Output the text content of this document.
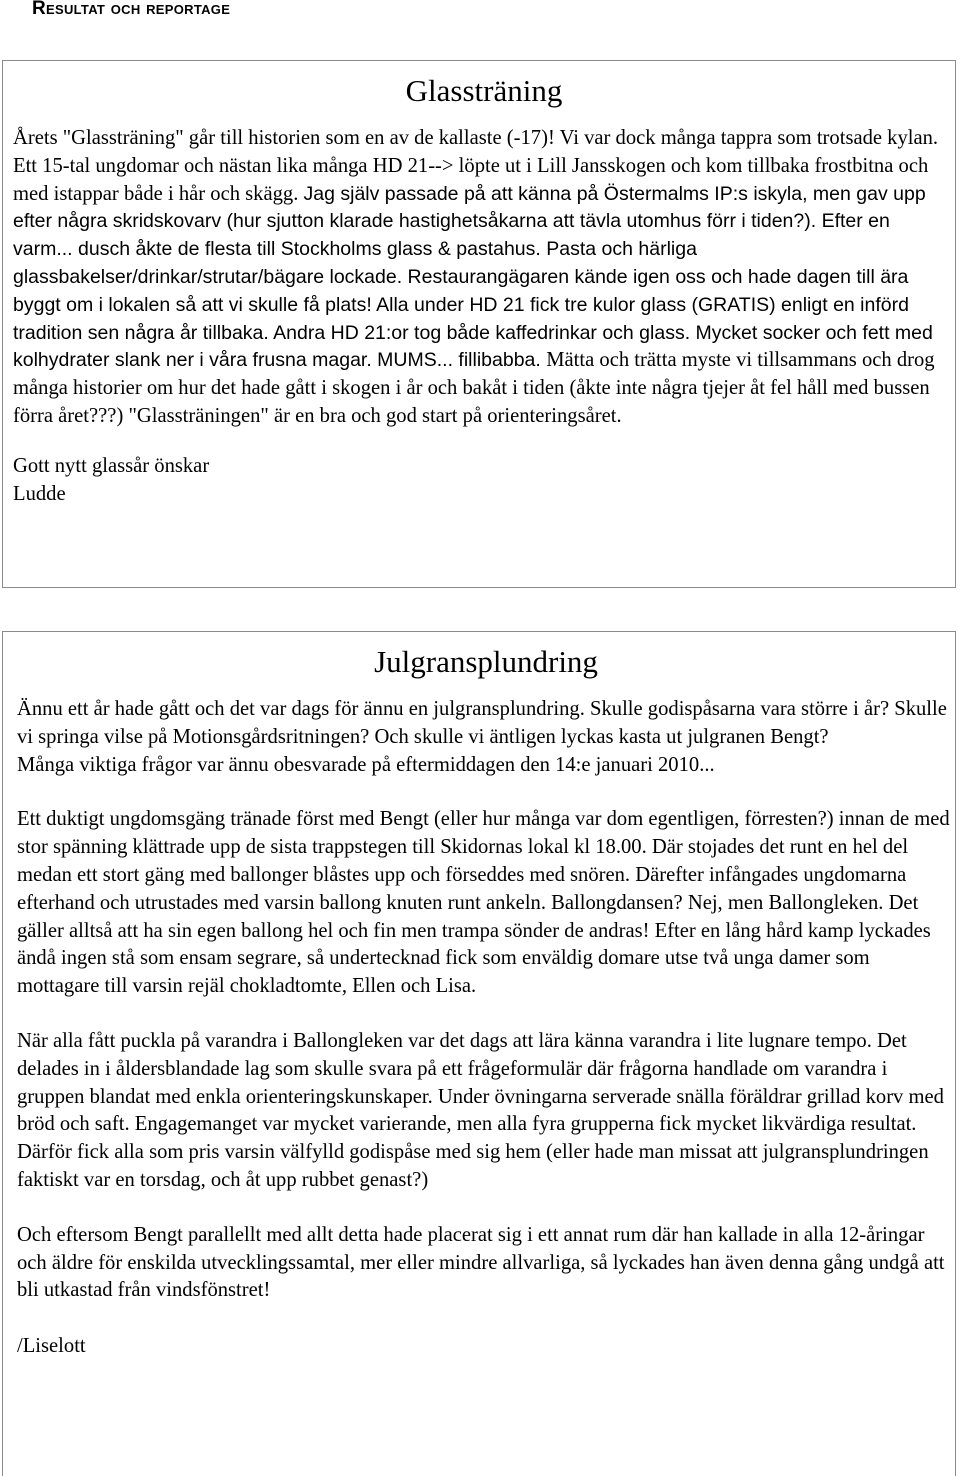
Resultat och reportage
Glassträning

Årets "Glassträning" går till historien som en av de kallaste (-17)! Vi var dock många tappra som trotsade kylan. Ett 15-tal ungdomar och nästan lika många HD 21--> löpte ut i Lill Jansskogen och kom tillbaka frostbitna och med istappar både i hår och skägg. Jag själv passade på att känna på Östermalms IP:s iskyla, men gav upp efter några skridskovarv (hur sjutton klarade hastighetsåkarna att tävla utomhus förr i tiden?). Efter en varm... dusch åkte de flesta till Stockholms glass & pastahus. Pasta och härliga glassbakelser/drinkar/strutar/bägare lockade. Restaurangägaren kände igen oss och hade dagen till ära byggt om i lokalen så att vi skulle få plats! Alla under HD 21 fick tre kulor glass (GRATIS) enligt en införd tradition sen några år tillbaka. Andra HD 21:or tog både kaffedrinkar och glass. Mycket socker och fett med kolhydrater slank ner i våra frusna magar. MUMS... fillibabba. Mätta och trätta myste vi tillsammans och drog många historier om hur det hade gått i skogen i år och bakåt i tiden (åkte inte några tjejer åt fel håll med bussen förra året???) "Glassträningen" är en bra och god start på orienteringsåret.

Gott nytt glassår önskar
Ludde

Julgransplundring

Ännu ett år hade gått och det var dags för ännu en julgransplundring. Skulle godispåsarna vara större i år? Skulle vi springa vilse på Motionsgårdsritningen? Och skulle vi äntligen lyckas kasta ut julgranen Bengt?
Många viktiga frågor var ännu obesvarade på eftermiddagen den 14:e januari 2010...

Ett duktigt ungdomsgäng tränade först med Bengt (eller hur många var dom egentligen, förresten?) innan de med stor spänning klättrade upp de sista trappstegen till Skidornas lokal kl 18.00. Där stojades det runt en hel del medan ett stort gäng med ballonger blåstes upp och förseddes med snören. Därefter infångades ungdomarna efterhand och utrustades med varsin ballong knuten runt ankeln. Ballongdansen? Nej, men Ballongleken. Det gäller alltså att ha sin egen ballong hel och fin men trampa sönder de andras! Efter en lång hård kamp lyckades ändå ingen stå som ensam segrare, så undertecknad fick som enväldig domare utse två unga damer som mottagare till varsin rejäl chokladtomte, Ellen och Lisa.

När alla fått puckla på varandra i Ballongleken var det dags att lära känna varandra i lite lugnare tempo. Det delades in i åldersblandade lag som skulle svara på ett frågeformulär där frågorna handlade om varandra i gruppen blandat med enkla orienteringskunskaper. Under övningarna serverade snälla föräldrar grillad korv med bröd och saft. Engagemanget var mycket varierande, men alla fyra grupperna fick mycket likvärdiga resultat. Därför fick alla som pris varsin välfylld godispåse med sig hem (eller hade man missat att julgransplundringen faktiskt var en torsdag, och åt upp rubbet genast?)

Och eftersom Bengt parallellt med allt detta hade placerat sig i ett annat rum där han kallade in alla 12-åringar och äldre för enskilda utvecklingssamtal, mer eller mindre allvarliga, så lyckades han även denna gång undgå att bli utkastad från vindsfönstret!

/Liselott
